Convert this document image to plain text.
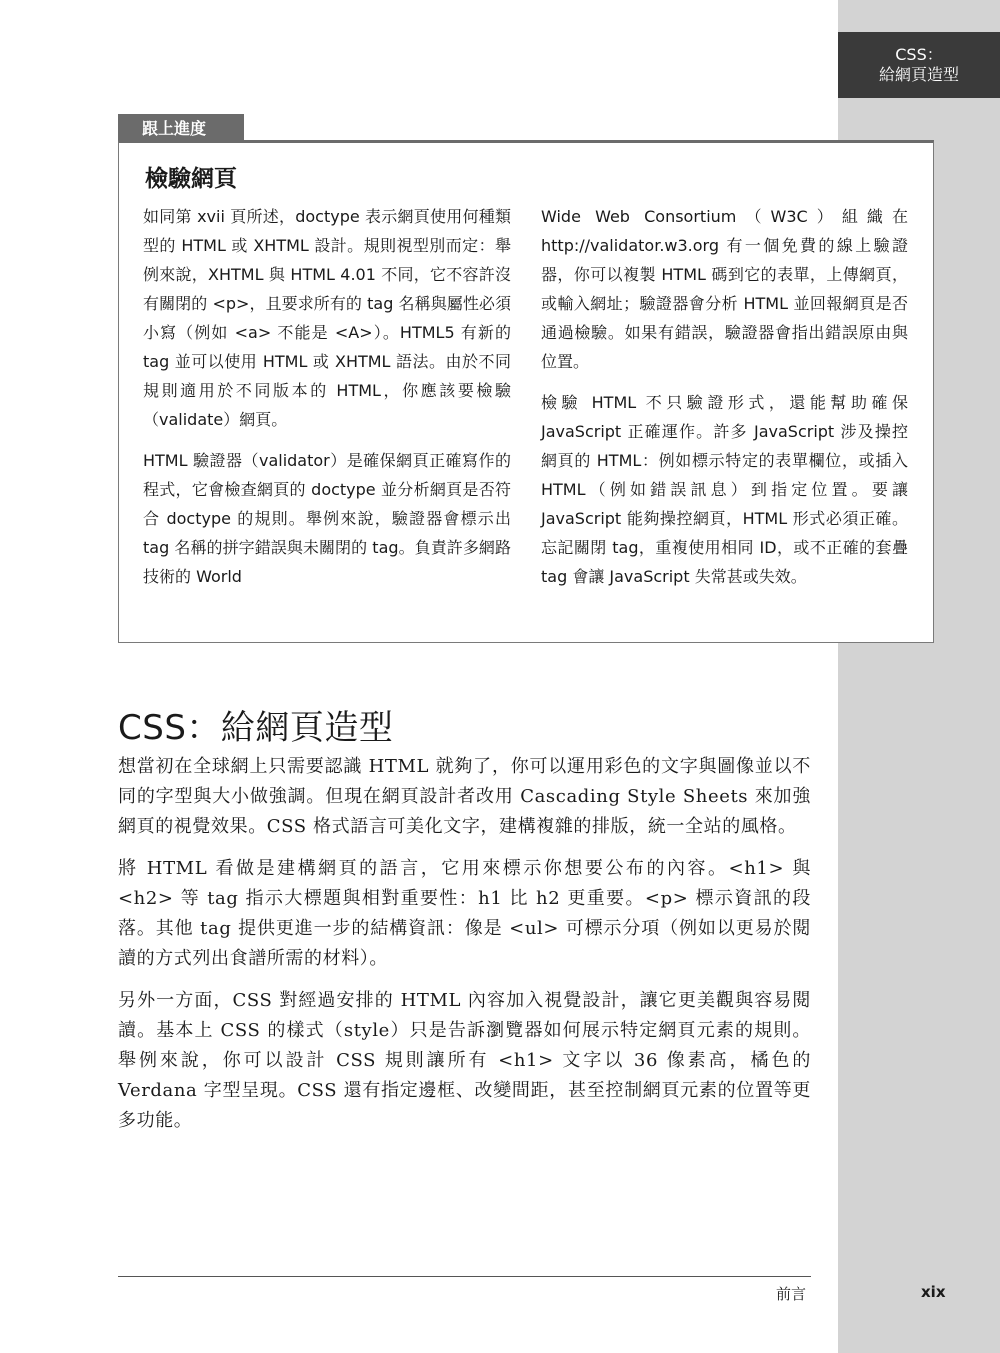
CSS：
給網頁造型
跟上進度
檢驗網頁

如同第 xvii 頁所述，doctype 表示網頁使用何種類型的 HTML 或 XHTML 設計。規則視型別而定：舉例來說，XHTML 與 HTML 4.01 不同，它不容許沒有關閉的 <p>，且要求所有的 tag 名稱與屬性必須小寫（例如 <a> 不能是 <A>）。HTML5 有新的 tag 並可以使用 HTML 或 XHTML 語法。由於不同規則適用於不同版本的 HTML，你應該要檢驗（validate）網頁。

HTML 驗證器（validator）是確保網頁正確寫作的程式，它會檢查網頁的 doctype 並分析網頁是否符合 doctype 的規則。舉例來說，驗證器會標示出 tag 名稱的拼字錯誤與未關閉的 tag。負責許多網路技術的 World

Wide Web Consortium（W3C）組織在 http://validator.w3.org 有一個免費的線上驗證器，你可以複製 HTML 碼到它的表單，上傳網頁，或輸入網址；驗證器會分析 HTML 並回報網頁是否通過檢驗。如果有錯誤，驗證器會指出錯誤原由與位置。

檢驗 HTML 不只驗證形式，還能幫助確保 JavaScript 正確運作。許多 JavaScript 涉及操控網頁的 HTML：例如標示特定的表單欄位，或插入 HTML（例如錯誤訊息）到指定位置。要讓 JavaScript 能夠操控網頁，HTML 形式必須正確。忘記關閉 tag，重複使用相同 ID，或不正確的套疊 tag 會讓 JavaScript 失常甚或失效。

CSS：給網頁造型

想當初在全球網上只需要認識 HTML 就夠了，你可以運用彩色的文字與圖像並以不同的字型與大小做強調。但現在網頁設計者改用 Cascading Style Sheets 來加強網頁的視覺效果。CSS 格式語言可美化文字，建構複雜的排版，統一全站的風格。

將 HTML 看做是建構網頁的語言，它用來標示你想要公布的內容。<h1> 與 <h2> 等 tag 指示大標題與相對重要性：h1 比 h2 更重要。<p> 標示資訊的段落。其他 tag 提供更進一步的結構資訊：像是 <ul> 可標示分項（例如以更易於閱讀的方式列出食譜所需的材料）。

另外一方面，CSS 對經過安排的 HTML 內容加入視覺設計，讓它更美觀與容易閱讀。基本上 CSS 的樣式（style）只是告訴瀏覽器如何展示特定網頁元素的規則。舉例來說，你可以設計 CSS 規則讓所有 <h1> 文字以 36 像素高，橘色的 Verdana 字型呈現。CSS 還有指定邊框、改變間距，甚至控制網頁元素的位置等更多功能。

前言	xix
